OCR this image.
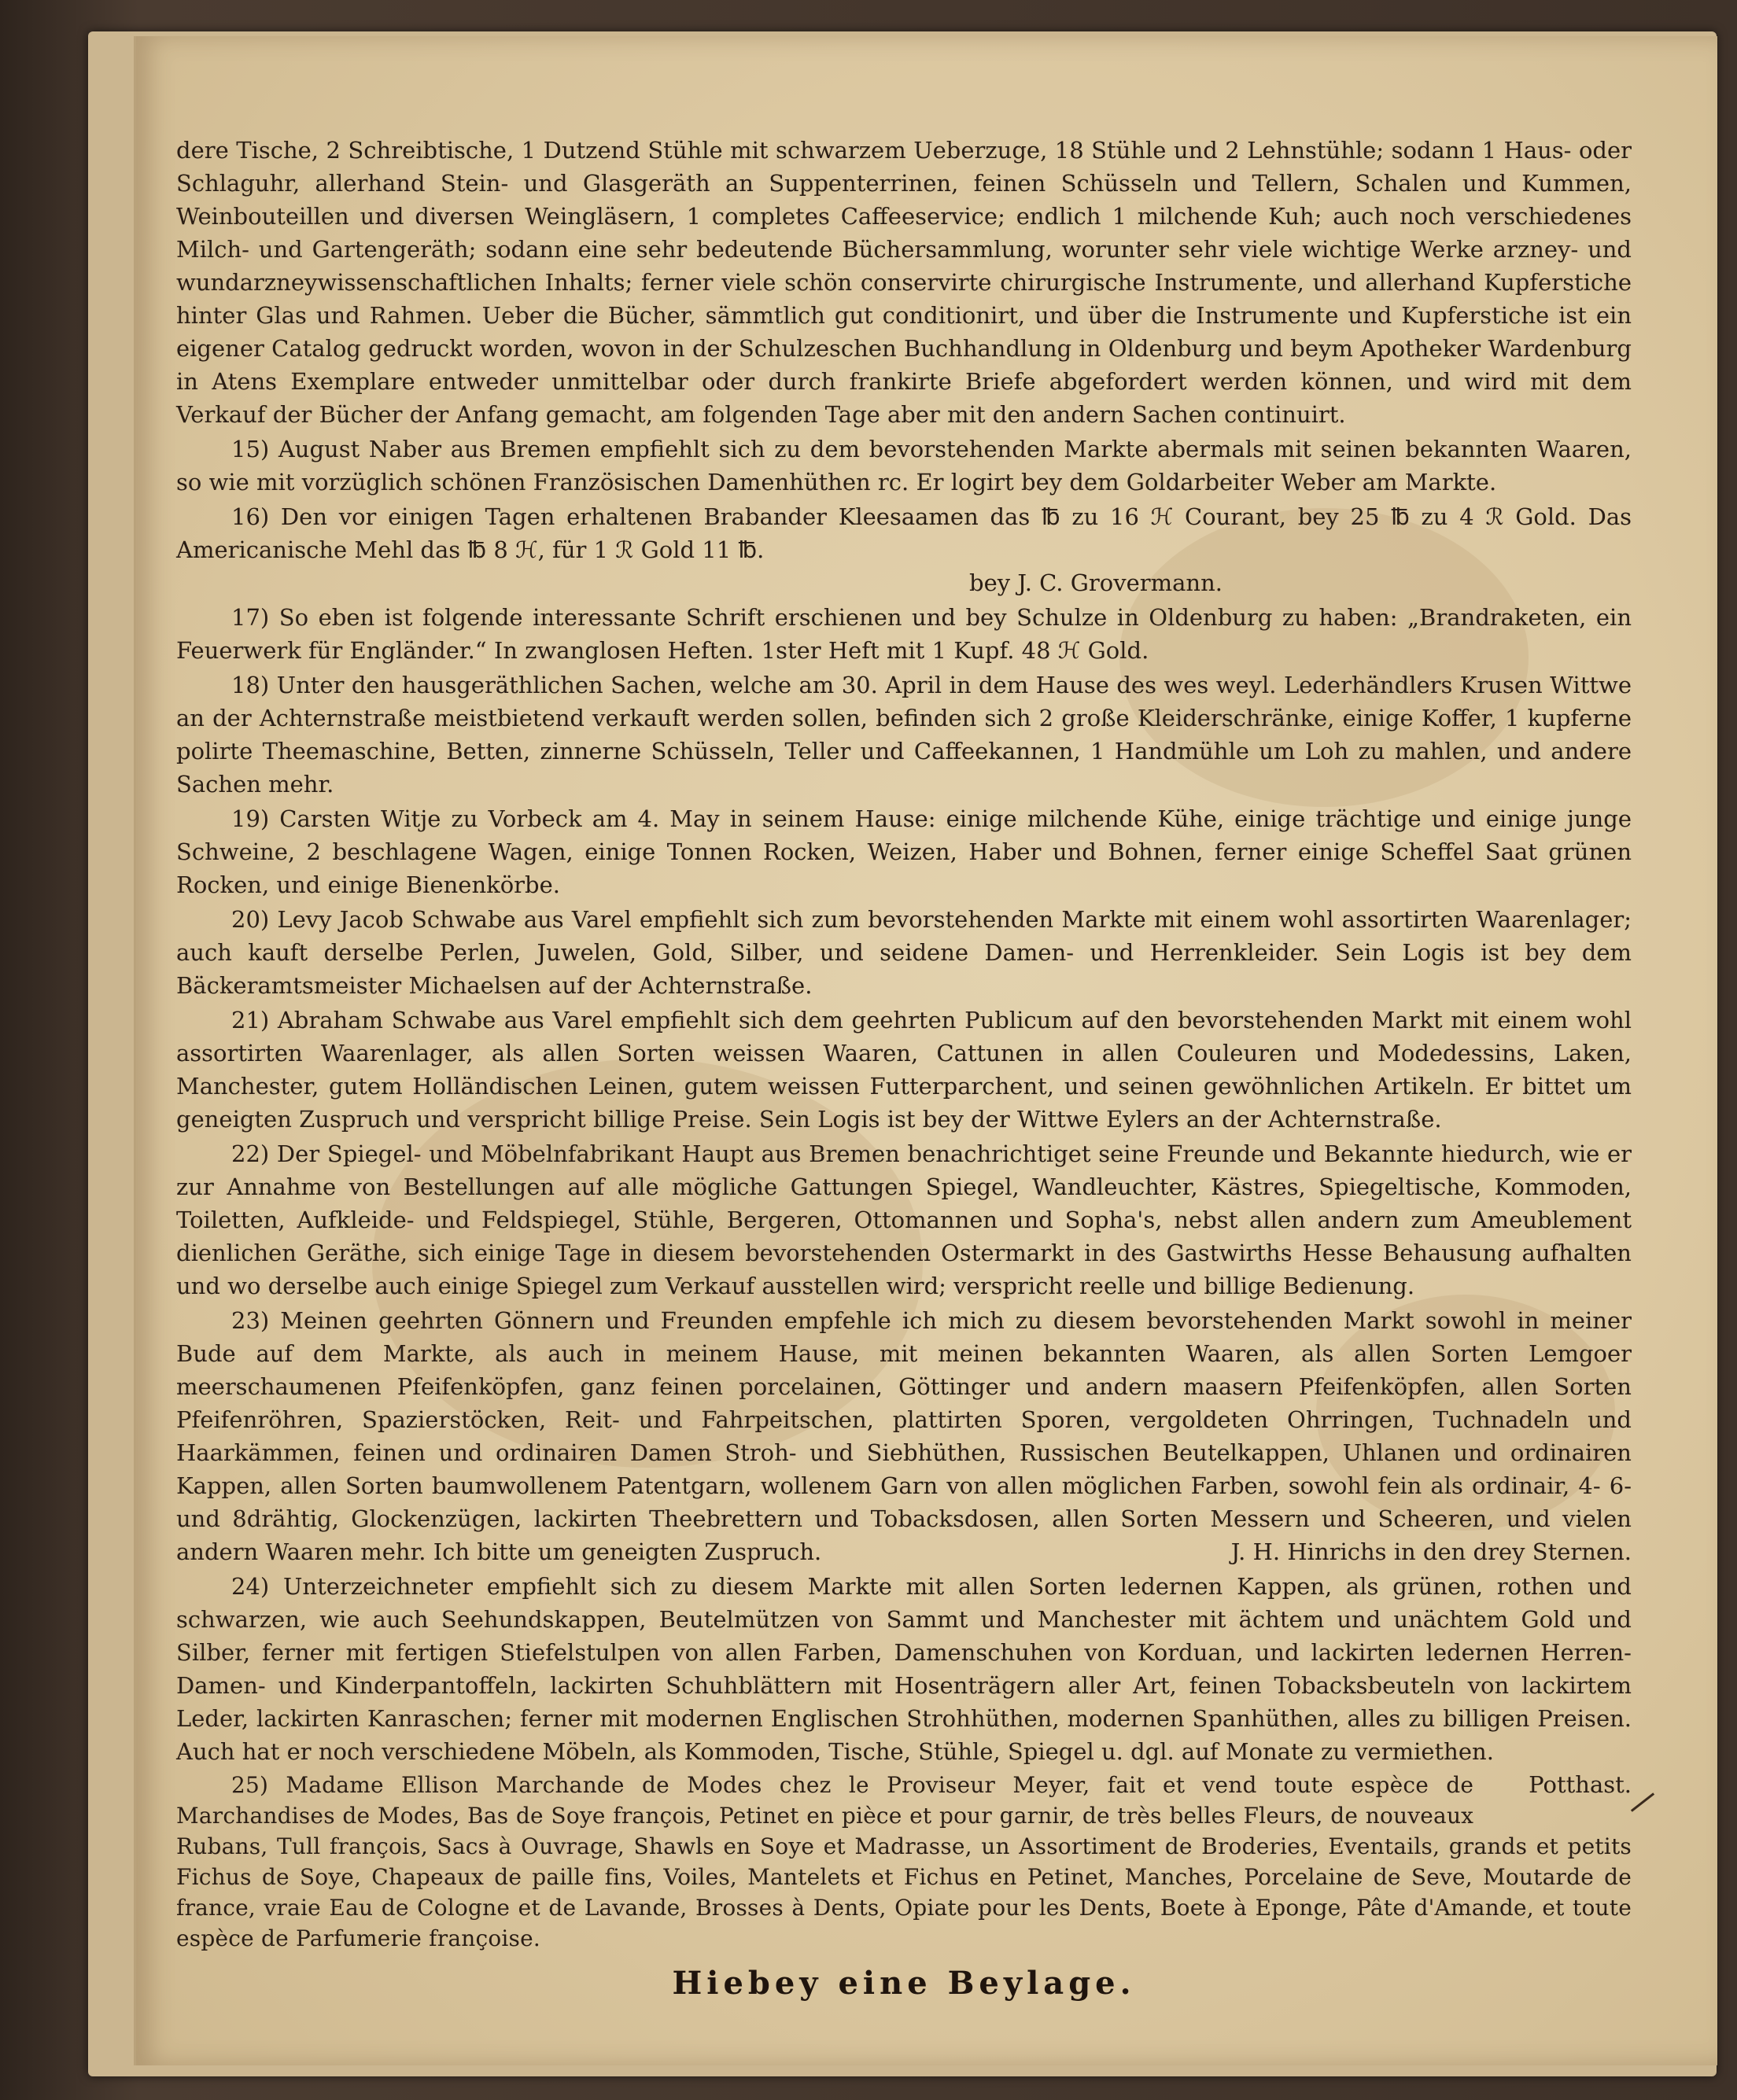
dere Tische, 2 Schreibtische, 1 Dutzend Stühle mit schwarzem Ueberzuge, 18 Stühle und 2 Lehnstühle; sodann 1 Haus- oder Schlaguhr, allerhand Stein- und Glasgeräth an Suppenterrinen, feinen Schüsseln und Tellern, Schalen und Kummen, Weinbouteillen und diversen Weingläsern, 1 completes Caffeeservice; endlich 1 milchende Kuh; auch noch verschiedenes Milch- und Gartengeräth; sodann eine sehr bedeutende Büchersammlung, worunter sehr viele wichtige Werke arzney- und wundarzneywissenschaftlichen Inhalts; ferner viele schön conservirte chirurgische Instrumente, und allerhand Kupferstiche hinter Glas und Rahmen. Ueber die Bücher, sämmtlich gut conditionirt, und über die Instrumente und Kupferstiche ist ein eigener Catalog gedruckt worden, wovon in der Schulzeschen Buchhandlung in Oldenburg und beym Apotheker Wardenburg in Atens Exemplare entweder unmittelbar oder durch frankirte Briefe abgefordert werden können, und wird mit dem Verkauf der Bücher der Anfang gemacht, am folgenden Tage aber mit den andern Sachen continuirt.

15) August Naber aus Bremen empfiehlt sich zu dem bevorstehenden Markte abermals mit seinen bekannten Waaren, so wie mit vorzüglich schönen Französischen Damenhüthen rc. Er logirt bey dem Goldarbeiter Weber am Markte.

16) Den vor einigen Tagen erhaltenen Brabander Kleesaamen das ℔ zu 16 ℋ Courant, bey 25 ℔ zu 4 ℛ Gold. Das Americanische Mehl das ℔ 8 ℋ, für 1 ℛ Gold 11 ℔.
bey J. C. Grovermann.

17) So eben ist folgende interessante Schrift erschienen und bey Schulze in Oldenburg zu haben: „Brandraketen, ein Feuerwerk für Engländer.“ In zwanglosen Heften. 1ster Heft mit 1 Kupf. 48 ℋ Gold.

18) Unter den hausgeräthlichen Sachen, welche am 30. April in dem Hause des wes weyl. Lederhändlers Krusen Wittwe an der Achternstraße meistbietend verkauft werden sollen, befinden sich 2 große Kleiderschränke, einige Koffer, 1 kupferne polirte Theemaschine, Betten, zinnerne Schüsseln, Teller und Caffeekannen, 1 Handmühle um Loh zu mahlen, und andere Sachen mehr.

19) Carsten Witje zu Vorbeck am 4. May in seinem Hause: einige milchende Kühe, einige trächtige und einige junge Schweine, 2 beschlagene Wagen, einige Tonnen Rocken, Weizen, Haber und Bohnen, ferner einige Scheffel Saat grünen Rocken, und einige Bienenkörbe.

20) Levy Jacob Schwabe aus Varel empfiehlt sich zum bevorstehenden Markte mit einem wohl assortirten Waarenlager; auch kauft derselbe Perlen, Juwelen, Gold, Silber, und seidene Damen- und Herrenkleider. Sein Logis ist bey dem Bäckeramtsmeister Michaelsen auf der Achternstraße.

21) Abraham Schwabe aus Varel empfiehlt sich dem geehrten Publicum auf den bevorstehenden Markt mit einem wohl assortirten Waarenlager, als allen Sorten weissen Waaren, Cattunen in allen Couleuren und Modedessins, Laken, Manchester, gutem Holländischen Leinen, gutem weissen Futterparchent, und seinen gewöhnlichen Artikeln. Er bittet um geneigten Zuspruch und verspricht billige Preise. Sein Logis ist bey der Wittwe Eylers an der Achternstraße.

22) Der Spiegel- und Möbelnfabrikant Haupt aus Bremen benachrichtiget seine Freunde und Bekannte hiedurch, wie er zur Annahme von Bestellungen auf alle mögliche Gattungen Spiegel, Wandleuchter, Kästres, Spiegeltische, Kommoden, Toiletten, Aufkleide- und Feldspiegel, Stühle, Bergeren, Ottomannen und Sopha's, nebst allen andern zum Ameublement dienlichen Geräthe, sich einige Tage in diesem bevorstehenden Ostermarkt in des Gastwirths Hesse Behausung aufhalten und wo derselbe auch einige Spiegel zum Verkauf ausstellen wird; verspricht reelle und billige Bedienung.

23) Meinen geehrten Gönnern und Freunden empfehle ich mich zu diesem bevorstehenden Markt sowohl in meiner Bude auf dem Markte, als auch in meinem Hause, mit meinen bekannten Waaren, als allen Sorten Lemgoer meerschaumenen Pfeifenköpfen, ganz feinen porcelainen, Göttinger und andern maasern Pfeifenköpfen, allen Sorten Pfeifenröhren, Spazierstöcken, Reit- und Fahrpeitschen, plattirten Sporen, vergoldeten Ohrringen, Tuchnadeln und Haarkämmen, feinen und ordinairen Damen Stroh- und Siebhüthen, Russischen Beutelkappen, Uhlanen und ordinairen Kappen, allen Sorten baumwollenem Patentgarn, wollenem Garn von allen möglichen Farben, sowohl fein als ordinair, 4- 6- und 8drähtig, Glockenzügen, lackirten Theebrettern und Tobacksdosen, allen Sorten Messern und Scheeren, und vielen andern Waaren mehr. Ich bitte um geneigten Zuspruch.	J. H. Hinrichs in den drey Sternen.

24) Unterzeichneter empfiehlt sich zu diesem Markte mit allen Sorten ledernen Kappen, als grünen, rothen und schwarzen, wie auch Seehundskappen, Beutelmützen von Sammt und Manchester mit ächtem und unächtem Gold und Silber, ferner mit fertigen Stiefelstulpen von allen Farben, Damenschuhen von Korduan, und lackirten ledernen Herren- Damen- und Kinderpantoffeln, lackirten Schuhblättern mit Hosenträgern aller Art, feinen Tobacksbeuteln von lackirtem Leder, lackirten Kanraschen; ferner mit modernen Englischen Strohhüthen, modernen Spanhüthen, alles zu billigen Preisen. Auch hat er noch verschiedene Möbeln, als Kommoden, Tische, Stühle, Spiegel u. dgl. auf Monate zu vermiethen.
Potthast.

25) Madame Ellison Marchande de Modes chez le Proviseur Meyer, fait et vend toute espèce de Marchandises de Modes, Bas de Soye françois, Petinet en pièce et pour garnir, de très belles Fleurs, de nouveaux Rubans, Tull françois, Sacs à Ouvrage, Shawls en Soye et Madrasse, un Assortiment de Broderies, Eventails, grands et petits Fichus de Soye, Chapeaux de paille fins, Voiles, Mantelets et Fichus en Petinet, Manches, Porcelaine de Seve, Moutarde de france, vraie Eau de Cologne et de Lavande, Brosses à Dents, Opiate pour les Dents, Boete à Eponge, Pâte d'Amande, et toute espèce de Parfumerie françoise.

Hiebey eine Beylage.
